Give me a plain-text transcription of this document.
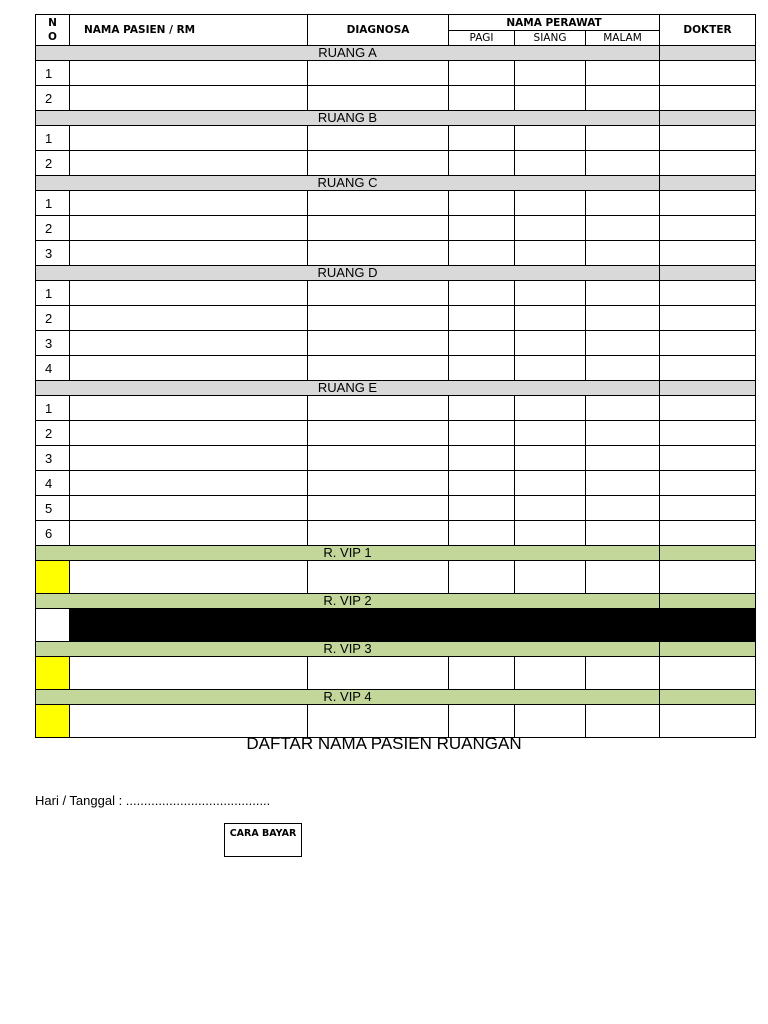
N O	NAMA PASIEN / RM	DIAGNOSA	NAMA PERAWAT			DOKTER
			PAGI	SIANG	MALAM	
RUANG A						
1						
2						
RUANG B						
1						
2						
RUANG C						
1						
2						
3						
RUANG D						
1						
2						
3						
4						
RUANG E						
1						
2						
3						
4						
5						
6						
R. VIP 1						

R. VIP 2						

R. VIP 3						

R. VIP 4						

DAFTAR NAMA PASIEN RUANGAN
Hari / Tanggal : ........................................
CARA BAYAR
